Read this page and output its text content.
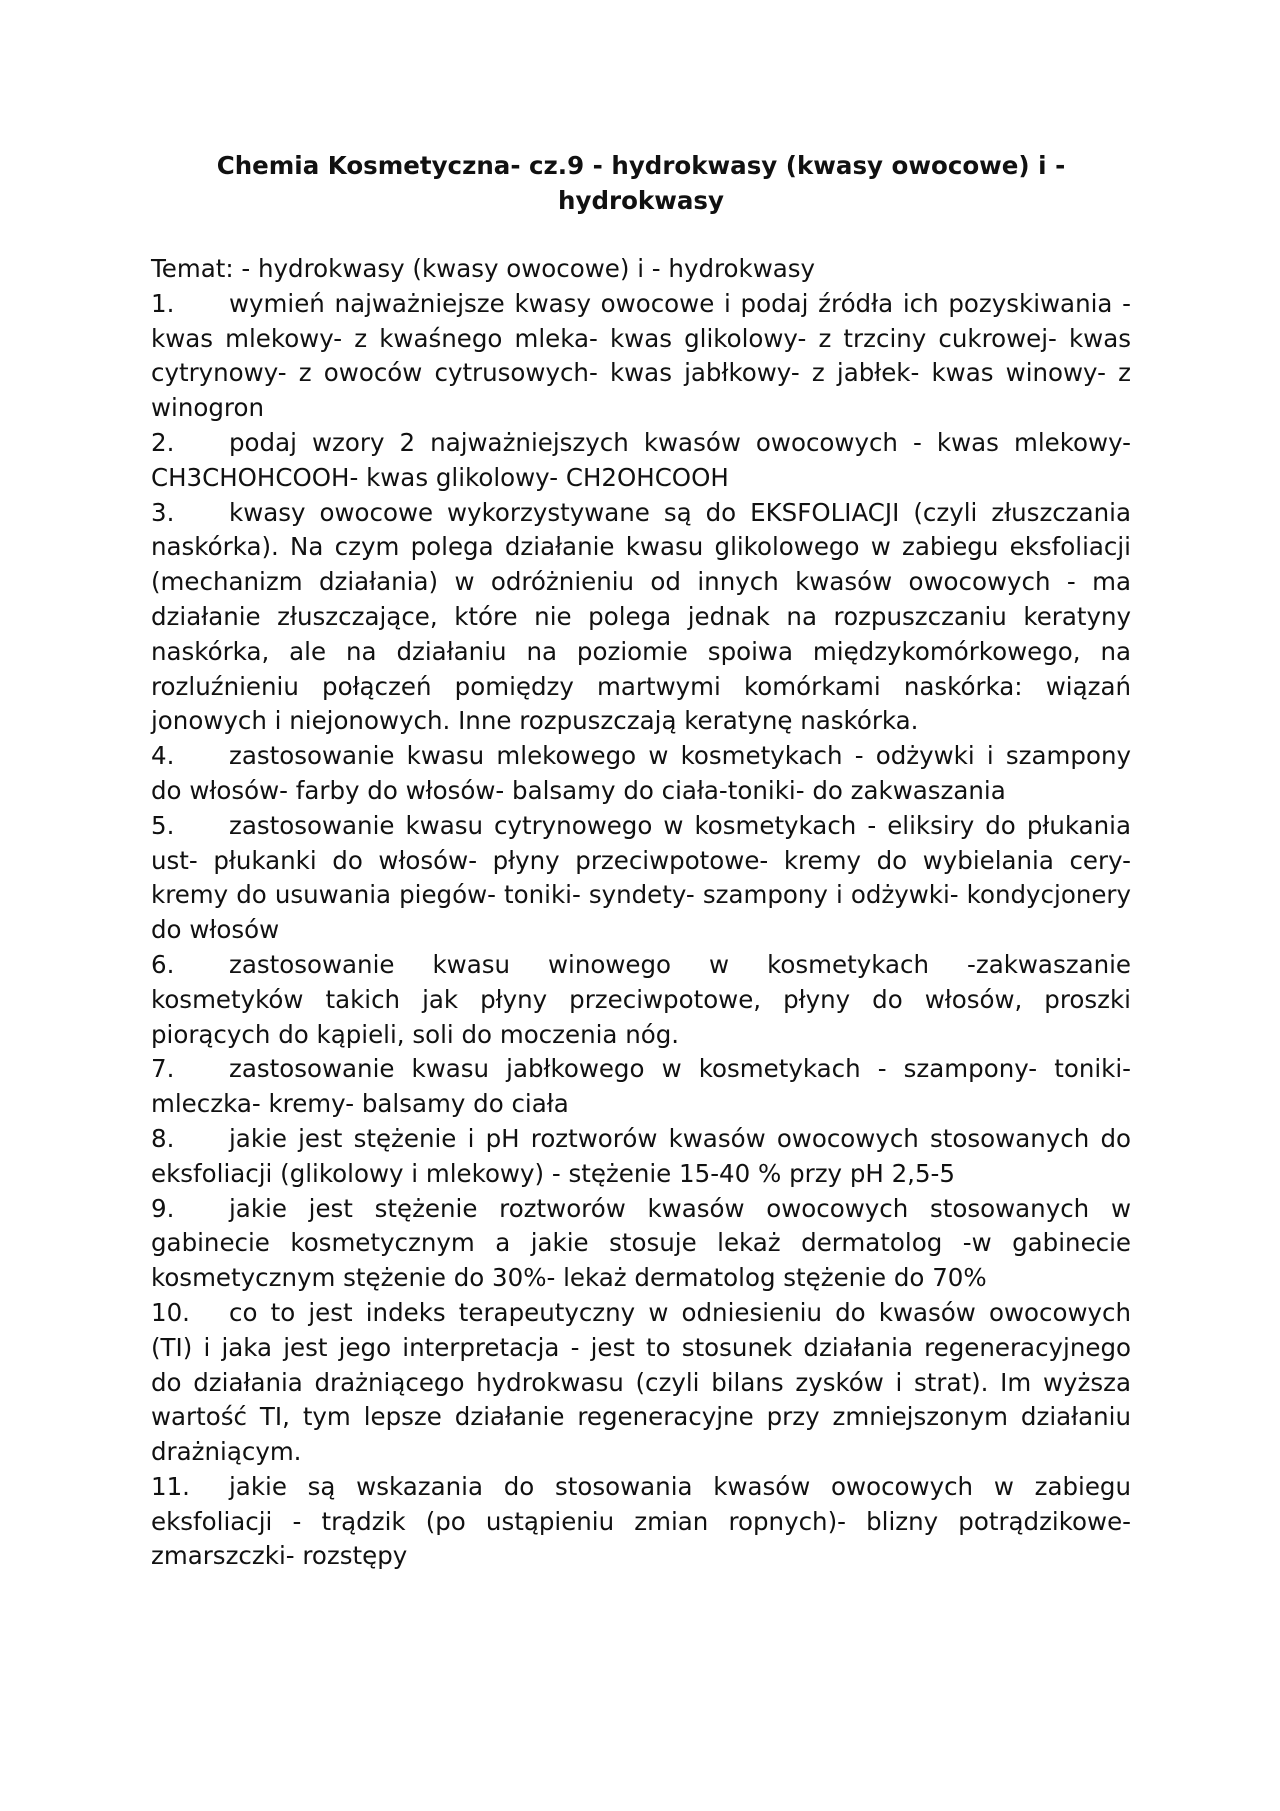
Chemia Kosmetyczna- cz.9 - hydrokwasy (kwasy owocowe) i - hydrokwasy

Temat: - hydrokwasy (kwasy owocowe) i - hydrokwasy

1. wymień najważniejsze kwasy owocowe i podaj źródła ich pozyskiwania - kwas mlekowy- z kwaśnego mleka- kwas glikolowy- z trzciny cukrowej- kwas cytrynowy- z owoców cytrusowych- kwas jabłkowy- z jabłek- kwas winowy- z winogron

2. podaj wzory 2 najważniejszych kwasów owocowych - kwas mlekowy- CH3CHOHCOOH- kwas glikolowy- CH2OHCOOH

3. kwasy owocowe wykorzystywane są do EKSFOLIACJI (czyli złuszczania naskórka). Na czym polega działanie kwasu glikolowego w zabiegu eksfoliacji (mechanizm działania) w odróżnieniu od innych kwasów owocowych - ma działanie złuszczające, które nie polega jednak na rozpuszczaniu keratyny naskórka, ale na działaniu na poziomie spoiwa międzykomórkowego, na rozluźnieniu połączeń pomiędzy martwymi komórkami naskórka: wiązań jonowych i niejonowych. Inne rozpuszczają keratynę naskórka.

4. zastosowanie kwasu mlekowego w kosmetykach - odżywki i szampony do włosów- farby do włosów- balsamy do ciała-toniki- do zakwaszania

5. zastosowanie kwasu cytrynowego w kosmetykach - eliksiry do płukania ust- płukanki do włosów- płyny przeciwpotowe- kremy do wybielania cery- kremy do usuwania piegów- toniki- syndety- szampony i odżywki- kondycjonery do włosów

6. zastosowanie kwasu winowego w kosmetykach -zakwaszanie kosmetyków takich jak płyny przeciwpotowe, płyny do włosów, proszki piorących do kąpieli, soli do moczenia nóg.

7. zastosowanie kwasu jabłkowego w kosmetykach - szampony- toniki- mleczka- kremy- balsamy do ciała

8. jakie jest stężenie i pH roztworów kwasów owocowych stosowanych do eksfoliacji (glikolowy i mlekowy) - stężenie 15-40 % przy pH 2,5-5

9. jakie jest stężenie roztworów kwasów owocowych stosowanych w gabinecie kosmetycznym a jakie stosuje lekaż dermatolog -w gabinecie kosmetycznym stężenie do 30%- lekaż dermatolog stężenie do 70%

10. co to jest indeks terapeutyczny w odniesieniu do kwasów owocowych (TI) i jaka jest jego interpretacja - jest to stosunek działania regeneracyjnego do działania drażniącego hydrokwasu (czyli bilans zysków i strat). Im wyższa wartość TI, tym lepsze działanie regeneracyjne przy zmniejszonym działaniu drażniącym.

11. jakie są wskazania do stosowania kwasów owocowych w zabiegu eksfoliacji - trądzik (po ustąpieniu zmian ropnych)- blizny potrądzikowe- zmarszczki- rozstępy
